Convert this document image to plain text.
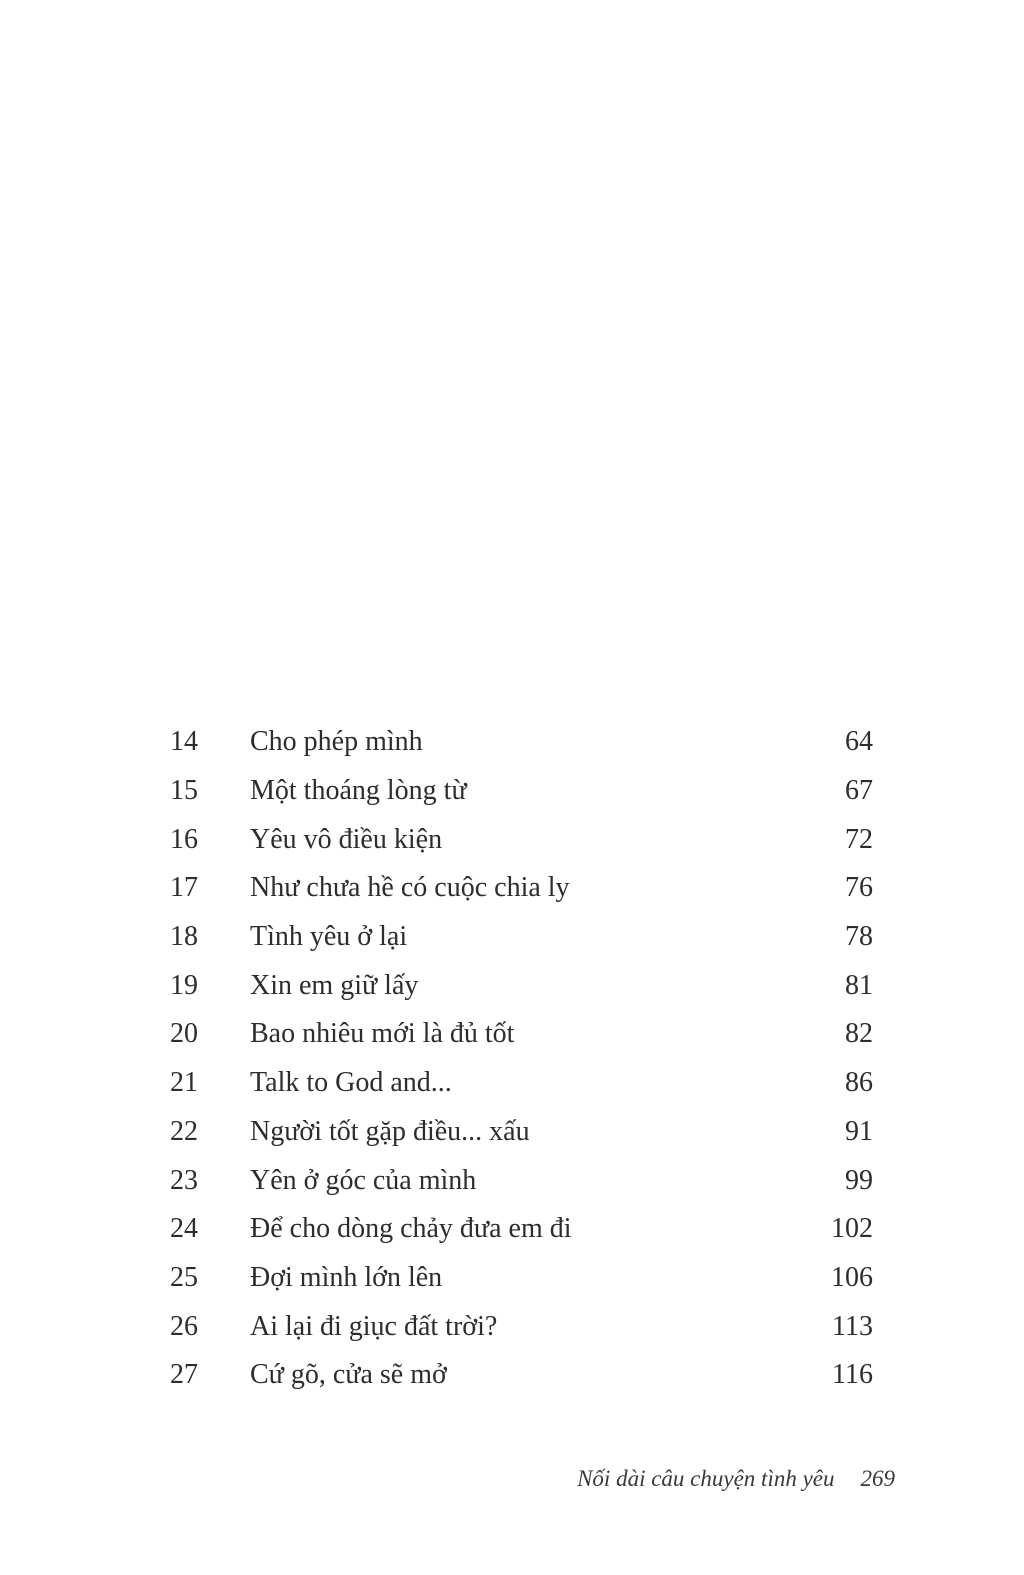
14	Cho phép mình	64
15	Một thoáng lòng từ	67
16	Yêu vô điều kiện	72
17	Như chưa hề có cuộc chia ly	76
18	Tình yêu ở lại	78
19	Xin em giữ lấy	81
20	Bao nhiêu mới là đủ tốt	82
21	Talk to God and...	86
22	Người tốt gặp điều... xấu	91
23	Yên ở góc của mình	99
24	Để cho dòng chảy đưa em đi	102
25	Đợi mình lớn lên	106
26	Ai lại đi giục đất trời?	113
27	Cứ gõ, cửa sẽ mở	116
Nối dài câu chuyện tình yêu 269
